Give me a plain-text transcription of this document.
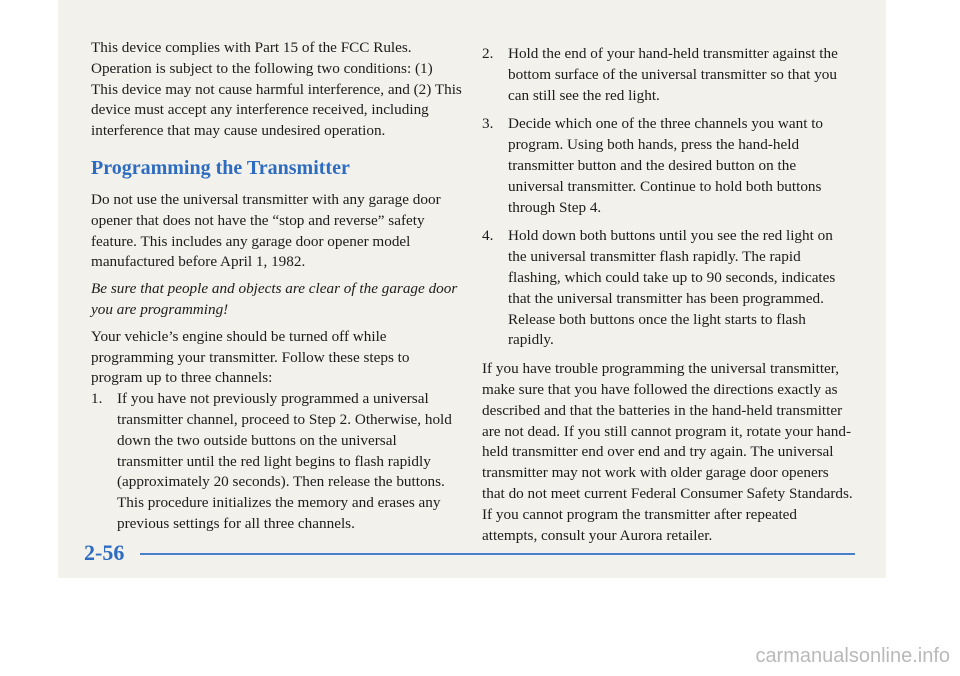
This device complies with Part 15 of the FCC Rules. Operation is subject to the following two conditions: (1) This device may not cause harmful interference, and (2) This device must accept any interference received, including interference that may cause undesired operation.

Programming the Transmitter

Do not use the universal transmitter with any garage door opener that does not have the “stop and reverse” safety feature. This includes any garage door opener model manufactured before April 1, 1982.

Be sure that people and objects are clear of the garage door you are programming!

Your vehicle’s engine should be turned off while programming your transmitter. Follow these steps to program up to three channels:

1. If you have not previously programmed a universal transmitter channel, proceed to Step 2. Otherwise, hold down the two outside buttons on the universal transmitter until the red light begins to flash rapidly (approximately 20 seconds). Then release the buttons. This procedure initializes the memory and erases any previous settings for all three channels.
2. Hold the end of your hand-held transmitter against the bottom surface of the universal transmitter so that you can still see the red light.
3. Decide which one of the three channels you want to program. Using both hands, press the hand-held transmitter button and the desired button on the universal transmitter. Continue to hold both buttons through Step 4.
4. Hold down both buttons until you see the red light on the universal transmitter flash rapidly. The rapid flashing, which could take up to 90 seconds, indicates that the universal transmitter has been programmed. Release both buttons once the light starts to flash rapidly.

If you have trouble programming the universal transmitter, make sure that you have followed the directions exactly as described and that the batteries in the hand-held transmitter are not dead. If you still cannot program it, rotate your hand-held transmitter end over end and try again. The universal transmitter may not work with older garage door openers that do not meet current Federal Consumer Safety Standards. If you cannot program the transmitter after repeated attempts, consult your Aurora retailer.

2-56
carmanualsonline.info
